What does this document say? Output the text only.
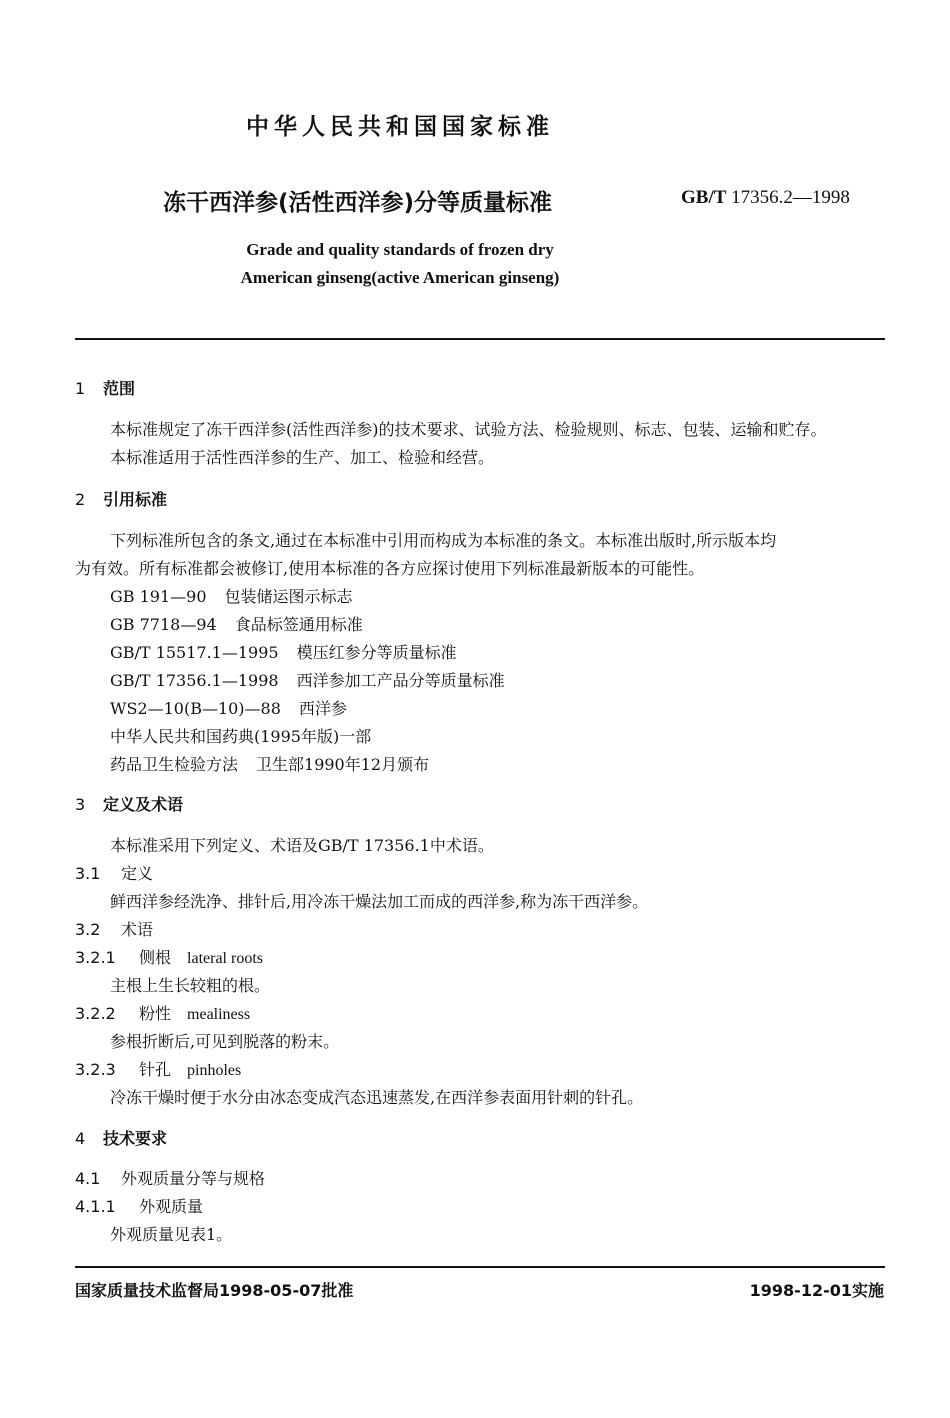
中华人民共和国国家标准
冻干西洋参(活性西洋参)分等质量标准	GB/T 17356.2—1998
Grade and quality standards of frozen dry
American ginseng(active American ginseng)
1 范围
本标准规定了冻干西洋参(活性西洋参)的技术要求、试验方法、检验规则、标志、包装、运输和贮存。
本标准适用于活性西洋参的生产、加工、检验和经营。
2 引用标准
下列标准所包含的条文,通过在本标准中引用而构成为本标准的条文。本标准出版时,所示版本均
为有效。所有标准都会被修订,使用本标准的各方应探讨使用下列标准最新版本的可能性。
GB 191—90 包装储运图示标志
GB 7718—94 食品标签通用标准
GB/T 15517.1—1995 模压红参分等质量标准
GB/T 17356.1—1998 西洋参加工产品分等质量标准
WS2—10(B—10)—88 西洋参
中华人民共和国药典(1995年版)一部
药品卫生检验方法 卫生部1990年12月颁布
3 定义及术语
本标准采用下列定义、术语及GB/T 17356.1中术语。
3.1 定义
鲜西洋参经洗净、排针后,用冷冻干燥法加工而成的西洋参,称为冻干西洋参。
3.2 术语
3.2.1 侧根 lateral roots
主根上生长较粗的根。
3.2.2 粉性 mealiness
参根折断后,可见到脱落的粉末。
3.2.3 针孔 pinholes
冷冻干燥时便于水分由冰态变成汽态迅速蒸发,在西洋参表面用针刺的针孔。
4 技术要求
4.1 外观质量分等与规格
4.1.1 外观质量
外观质量见表1。
国家质量技术监督局1998-05-07批准	1998-12-01实施
